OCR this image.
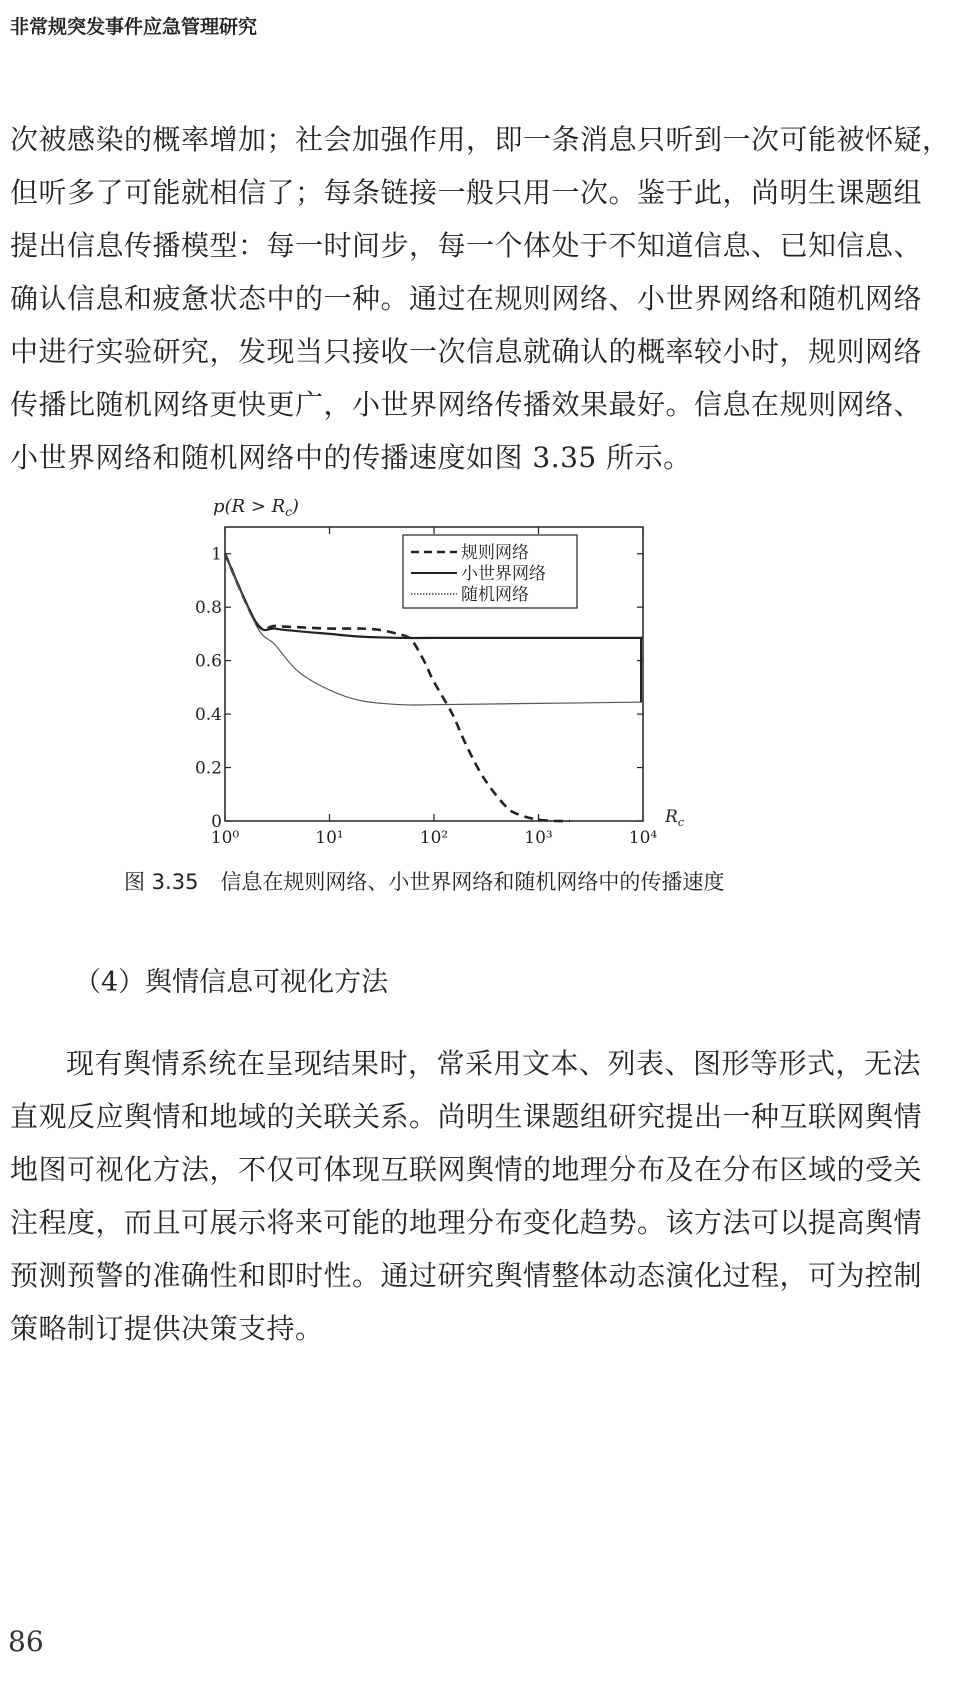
非常规突发事件应急管理研究
次被感染的概率增加；社会加强作用，即一条消息只听到一次可能被怀疑，
但听多了可能就相信了；每条链接一般只用一次。鉴于此，尚明生课题组
提出信息传播模型：每一时间步，每一个体处于不知道信息、已知信息、
确认信息和疲惫状态中的一种。通过在规则网络、小世界网络和随机网络
中进行实验研究，发现当只接收一次信息就确认的概率较小时，规则网络
传播比随机网络更快更广，小世界网络传播效果最好。信息在规则网络、
小世界网络和随机网络中的传播速度如图 3.35 所示。
$p(R > R_c)$
$R_c$
0
0.2
0.4
0.6
0.8
1
10⁰	10¹	10²	10³	10⁴
规则网络
小世界网络
随机网络
图 3.35 信息在规则网络、小世界网络和随机网络中的传播速度
（4）舆情信息可视化方法
现有舆情系统在呈现结果时，常采用文本、列表、图形等形式，无法
直观反应舆情和地域的关联关系。尚明生课题组研究提出一种互联网舆情
地图可视化方法，不仅可体现互联网舆情的地理分布及在分布区域的受关
注程度，而且可展示将来可能的地理分布变化趋势。该方法可以提高舆情
预测预警的准确性和即时性。通过研究舆情整体动态演化过程，可为控制
策略制订提供决策支持。
86
